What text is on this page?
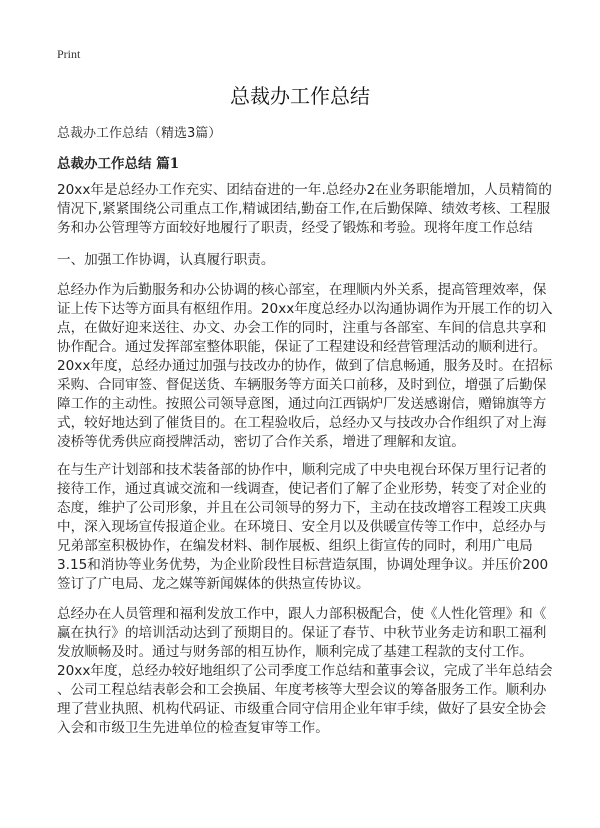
Print
总裁办工作总结
总裁办工作总结（精选3篇）
总裁办工作总结 篇1
20xx年是总经办工作充实、团结奋进的一年.总经办2在业务职能增加，人员精简的
情况下,紧紧围绕公司重点工作,精诚团结,勤奋工作,在后勤保障、绩效考核、工程服
务和办公管理等方面较好地履行了职责，经受了锻炼和考验。现将年度工作总结
一、加强工作协调，认真履行职责。
总经办作为后勤服务和办公协调的核心部室，在理顺内外关系，提高管理效率，保
证上传下达等方面具有枢纽作用。20xx年度总经办以沟通协调作为开展工作的切入
点，在做好迎来送往、办文、办会工作的同时，注重与各部室、车间的信息共享和
协作配合。通过发挥部室整体职能，保证了工程建设和经营管理活动的顺利进行。
20xx年度，总经办通过加强与技改办的协作，做到了信息畅通，服务及时。在招标
采购、合同审签、督促送货、车辆服务等方面关口前移，及时到位，增强了后勤保
障工作的主动性。按照公司领导意图，通过向江西锅炉厂发送感谢信，赠锦旗等方
式，较好地达到了催货目的。在工程验收后，总经办又与技改办合作组织了对上海
凌桥等优秀供应商授牌活动，密切了合作关系，增进了理解和友谊。
在与生产计划部和技术装备部的协作中，顺利完成了中央电视台环保万里行记者的
接待工作，通过真诚交流和一线调查，使记者们了解了企业形势，转变了对企业的
态度，维护了公司形象，并且在公司领导的努力下，主动在技改增容工程竣工庆典
中，深入现场宣传报道企业。在环境日、安全月以及供暖宣传等工作中，总经办与
兄弟部室积极协作，在编发材料、制作展板、组织上街宣传的同时，利用广电局
3.15和消协等业务优势，为企业阶段性目标营造氛围，协调处理争议。并压价200
签订了广电局、龙之媒等新闻媒体的供热宣传协议。
总经办在人员管理和福利发放工作中，跟人力部积极配合，使《人性化管理》和《
赢在执行》的培训活动达到了预期目的。保证了春节、中秋节业务走访和职工福利
发放顺畅及时。通过与财务部的相互协作，顺利完成了基建工程款的支付工作。
20xx年度，总经办较好地组织了公司季度工作总结和董事会议，完成了半年总结会
、公司工程总结表彰会和工会换届、年度考核等大型会议的筹备服务工作。顺利办
理了营业执照、机构代码证、市级重合同守信用企业年审手续，做好了县安全协会
入会和市级卫生先进单位的检查复审等工作。
